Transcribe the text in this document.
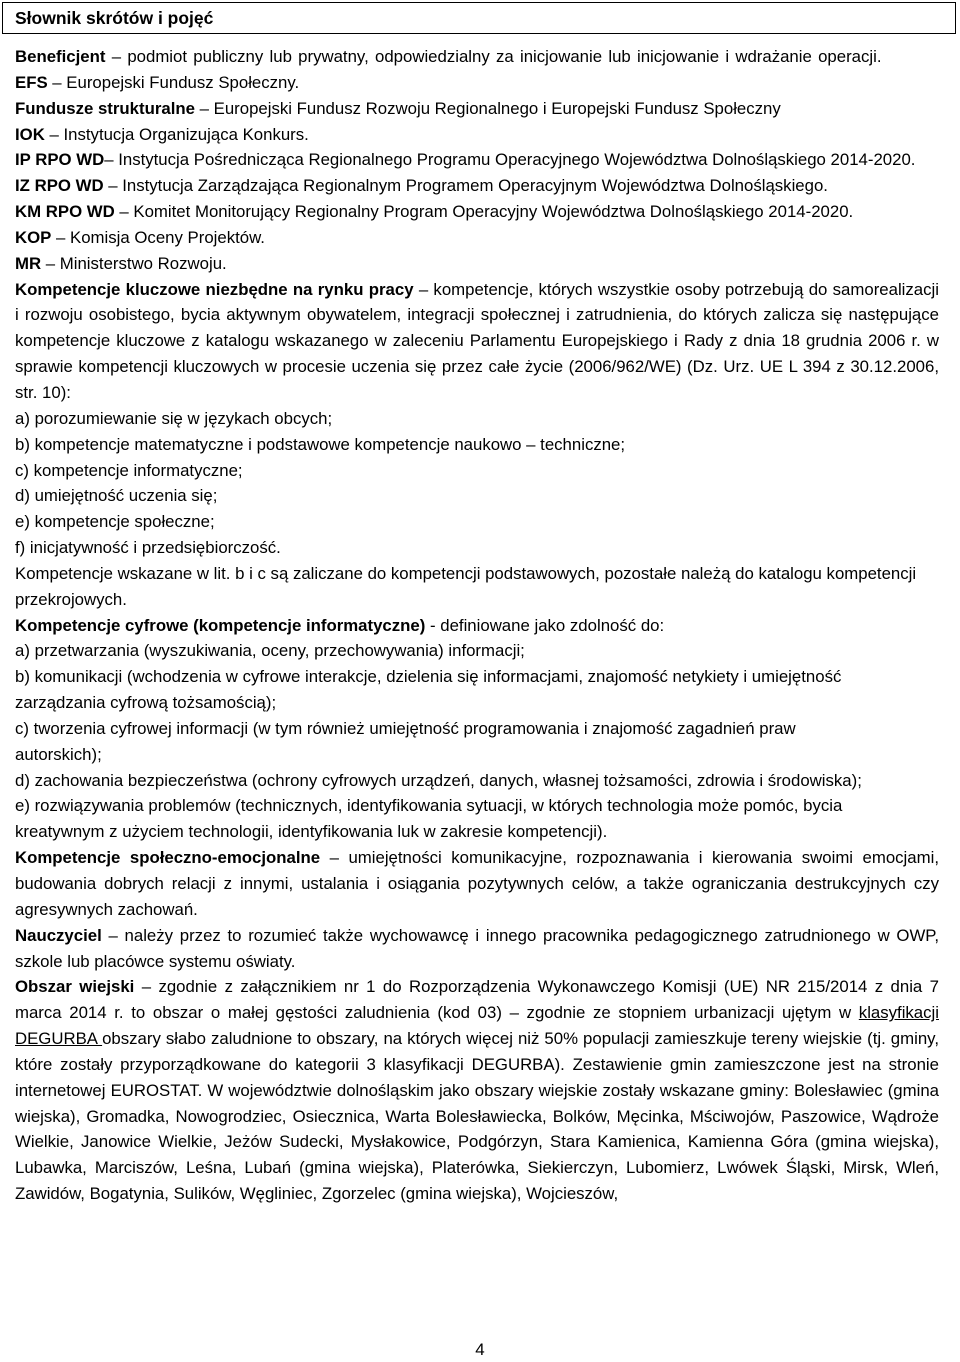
Słownik skrótów i pojęć

Beneficjent – podmiot publiczny lub prywatny, odpowiedzialny za inicjowanie lub inicjowanie i wdrażanie operacji.

EFS – Europejski Fundusz Społeczny.

Fundusze strukturalne – Europejski Fundusz Rozwoju Regionalnego i Europejski Fundusz Społeczny

IOK – Instytucja Organizująca Konkurs.

IP RPO WD– Instytucja Pośrednicząca Regionalnego Programu Operacyjnego Województwa Dolnośląskiego 2014-2020.

IZ RPO WD – Instytucja Zarządzająca Regionalnym Programem Operacyjnym Województwa Dolnośląskiego.

KM RPO WD – Komitet Monitorujący Regionalny Program Operacyjny Województwa Dolnośląskiego 2014-2020.

KOP – Komisja Oceny Projektów.

MR – Ministerstwo Rozwoju.

Kompetencje kluczowe niezbędne na rynku pracy – kompetencje, których wszystkie osoby potrzebują do samorealizacji i rozwoju osobistego, bycia aktywnym obywatelem, integracji społecznej i zatrudnienia, do których zalicza się następujące kompetencje kluczowe z katalogu wskazanego w zaleceniu Parlamentu Europejskiego i Rady z dnia 18 grudnia 2006 r. w sprawie kompetencji kluczowych w procesie uczenia się przez całe życie (2006/962/WE) (Dz. Urz. UE L 394 z 30.12.2006, str. 10):

a) porozumiewanie się w językach obcych;

b) kompetencje matematyczne i podstawowe kompetencje naukowo – techniczne;

c) kompetencje informatyczne;

d) umiejętność uczenia się;

e) kompetencje społeczne;

f) inicjatywność i przedsiębiorczość.

Kompetencje wskazane w lit. b i c są zaliczane do kompetencji podstawowych, pozostałe należą do katalogu kompetencji przekrojowych.

Kompetencje cyfrowe (kompetencje informatyczne) - definiowane jako zdolność do:

a) przetwarzania (wyszukiwania, oceny, przechowywania) informacji;

b) komunikacji (wchodzenia w cyfrowe interakcje, dzielenia się informacjami, znajomość netykiety i umiejętność zarządzania cyfrową tożsamością);

c) tworzenia cyfrowej informacji (w tym również umiejętność programowania i znajomość zagadnień praw autorskich);

d) zachowania bezpieczeństwa (ochrony cyfrowych urządzeń, danych, własnej tożsamości, zdrowia i środowiska);

e) rozwiązywania problemów (technicznych, identyfikowania sytuacji, w których technologia może pomóc, bycia kreatywnym z użyciem technologii, identyfikowania luk w zakresie kompetencji).

Kompetencje społeczno-emocjonalne – umiejętności komunikacyjne, rozpoznawania i kierowania swoimi emocjami, budowania dobrych relacji z innymi, ustalania i osiągania pozytywnych celów, a także ograniczania destrukcyjnych czy agresywnych zachowań.

Nauczyciel – należy przez to rozumieć także wychowawcę i innego pracownika pedagogicznego zatrudnionego w OWP, szkole lub placówce systemu oświaty.

Obszar wiejski – zgodnie z załącznikiem nr 1 do Rozporządzenia Wykonawczego Komisji (UE) NR 215/2014 z dnia 7 marca 2014 r. to obszar o małej gęstości zaludnienia (kod 03) – zgodnie ze stopniem urbanizacji ujętym w klasyfikacji DEGURBA obszary słabo zaludnione to obszary, na których więcej niż 50% populacji zamieszkuje tereny wiejskie (tj. gminy, które zostały przyporządkowane do kategorii 3 klasyfikacji DEGURBA). Zestawienie gmin zamieszczone jest na stronie internetowej EUROSTAT. W województwie dolnośląskim jako obszary wiejskie zostały wskazane gminy: Bolesławiec (gmina wiejska), Gromadka, Nowogrodziec, Osiecznica, Warta Bolesławiecka, Bolków, Męcinka, Mściwojów, Paszowice, Wądroże Wielkie, Janowice Wielkie, Jeżów Sudecki, Mysłakowice, Podgórzyn, Stara Kamienica, Kamienna Góra (gmina wiejska), Lubawka, Marciszów, Leśna, Lubań (gmina wiejska), Platerówka, Siekierczyn, Lubomierz, Lwówek Śląski, Mirsk, Wleń, Zawidów, Bogatynia, Sulików, Węgliniec, Zgorzelec (gmina wiejska), Wojcieszów,

4
